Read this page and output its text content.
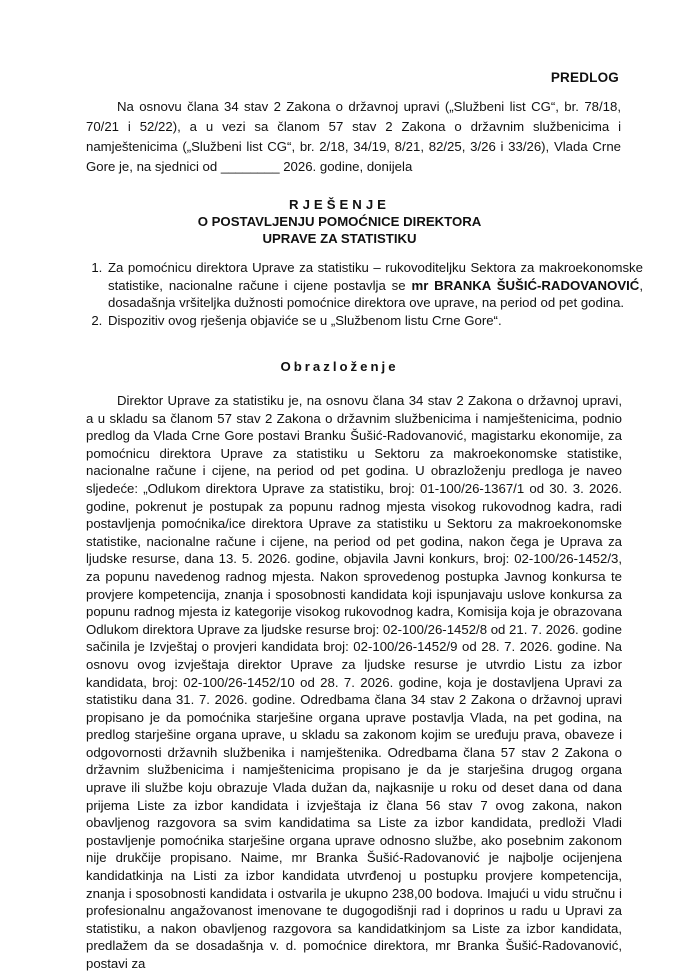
PREDLOG

Na osnovu člana 34 stav 2 Zakona o državnoj upravi („Službeni list CG“, br. 78/18, 70/21 i 52/22), a u vezi sa članom 57 stav 2 Zakona o državnim službenicima i namještenicima („Službeni list CG“, br. 2/18, 34/19, 8/21, 82/25, 3/26 i 33/26), Vlada Crne Gore je, na sjednici od ________ 2026. godine, donijela

RJEŠENJE

O POSTAVLJENJU POMOĆNICE DIREKTORA

UPRAVE ZA STATISTIKU

1. Za pomoćnicu direktora Uprave za statistiku – rukovoditeljku Sektora za makroekonomske statistike, nacionalne račune i cijene postavlja se mr BRANKA ŠUŠIĆ-RADOVANOVIĆ, dosadašnja vršiteljka dužnosti pomoćnice direktora ove uprave, na period od pet godina.
2. Dispozitiv ovog rješenja objaviće se u „Službenom listu Crne Gore“.

Obrazloženje

Direktor Uprave za statistiku je, na osnovu člana 34 stav 2 Zakona o državnoj upravi, a u skladu sa članom 57 stav 2 Zakona o državnim službenicima i namještenicima, podnio predlog da Vlada Crne Gore postavi Branku Šušić-Radovanović, magistarku ekonomije, za pomoćnicu direktora Uprave za statistiku u Sektoru za makroekonomske statistike, nacionalne račune i cijene, na period od pet godina. U obrazloženju predloga je naveo sljedeće: „Odlukom direktora Uprave za statistiku, broj: 01-100/26-1367/1 od 30. 3. 2026. godine, pokrenut je postupak za popunu radnog mjesta visokog rukovodnog kadra, radi postavljenja pomoćnika/ice direktora Uprave za statistiku u Sektoru za makroekonomske statistike, nacionalne račune i cijene, na period od pet godina, nakon čega je Uprava za ljudske resurse, dana 13. 5. 2026. godine, objavila Javni konkurs, broj: 02-100/26-1452/3, za popunu navedenog radnog mjesta. Nakon sprovedenog postupka Javnog konkursa te provjere kompetencija, znanja i sposobnosti kandidata koji ispunjavaju uslove konkursa za popunu radnog mjesta iz kategorije visokog rukovodnog kadra, Komisija koja je obrazovana Odlukom direktora Uprave za ljudske resurse broj: 02-100/26-1452/8 od 21. 7. 2026. godine sačinila je Izvještaj o provjeri kandidata broj: 02-100/26-1452/9 od 28. 7. 2026. godine. Na osnovu ovog izvještaja direktor Uprave za ljudske resurse je utvrdio Listu za izbor kandidata, broj: 02-100/26-1452/10 od 28. 7. 2026. godine, koja je dostavljena Upravi za statistiku dana 31. 7. 2026. godine. Odredbama člana 34 stav 2 Zakona o državnoj upravi propisano je da pomoćnika starješine organa uprave postavlja Vlada, na pet godina, na predlog starješine organa uprave, u skladu sa zakonom kojim se uređuju prava, obaveze i odgovornosti državnih službenika i namještenika. Odredbama člana 57 stav 2 Zakona o državnim službenicima i namještenicima propisano je da je starješina drugog organa uprave ili službe koju obrazuje Vlada dužan da, najkasnije u roku od deset dana od dana prijema Liste za izbor kandidata i izvještaja iz člana 56 stav 7 ovog zakona, nakon obavljenog razgovora sa svim kandidatima sa Liste za izbor kandidata, predloži Vladi postavljenje pomoćnika starješine organa uprave odnosno službe, ako posebnim zakonom nije drukčije propisano. Naime, mr Branka Šušić-Radovanović je najbolje ocijenjena kandidatkinja na Listi za izbor kandidata utvrđenoj u postupku provjere kompetencija, znanja i sposobnosti kandidata i ostvarila je ukupno 238,00 bodova. Imajući u vidu stručnu i profesionalnu angažovanost imenovane te dugogodišnji rad i doprinos u radu u Upravi za statistiku, a nakon obavljenog razgovora sa kandidatkinjom sa Liste za izbor kandidata, predlažem da se dosadašnja v. d. pomoćnice direktora, mr Branka Šušić-Radovanović, postavi za
